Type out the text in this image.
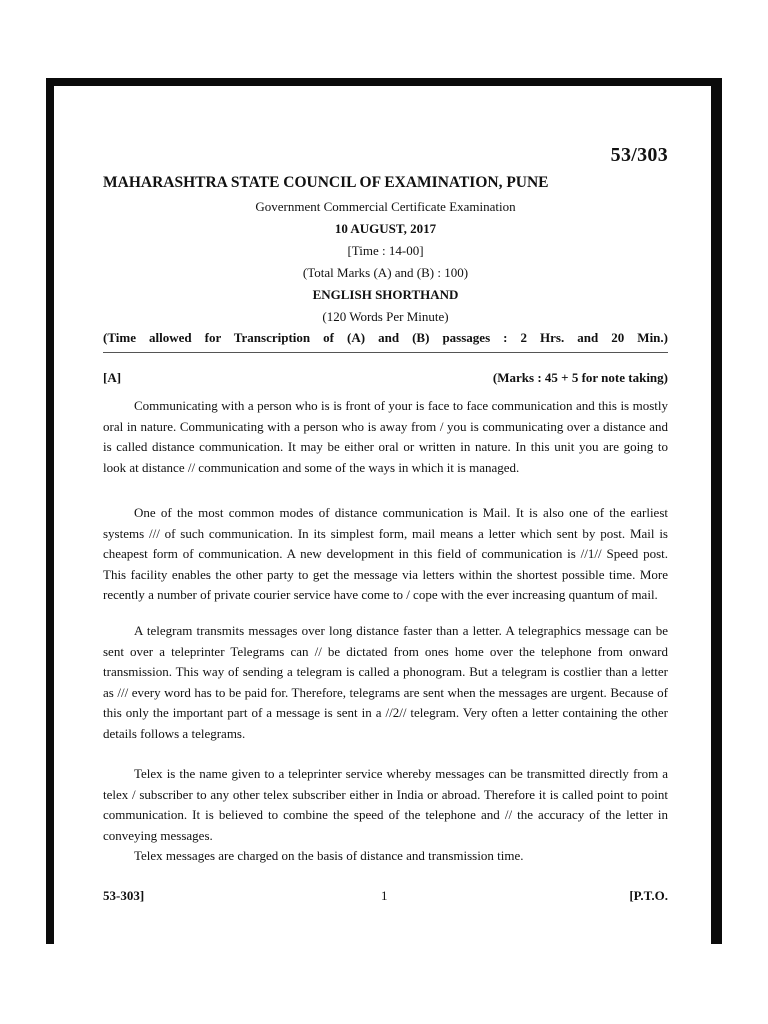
53/303
MAHARASHTRA STATE COUNCIL OF EXAMINATION, PUNE
Government Commercial Certificate Examination
10 AUGUST, 2017
[Time : 14-00]
(Total Marks (A) and (B) : 100)
ENGLISH SHORTHAND
(120 Words Per Minute)
(Time allowed for Transcription of (A) and (B) passages : 2 Hrs. and 20 Min.)
[A]	(Marks : 45 + 5 for note taking)

Communicating with a person who is is front of your is face to face communication and this is mostly oral in nature. Communicating with a person who is away from / you is communicating over a distance and is called distance communication. It may be either oral or written in nature. In this unit you are going to look at distance // communication and some of the ways in which it is managed.

One of the most common modes of distance communication is Mail. It is also one of the earliest systems /// of such communication. In its simplest form, mail means a letter which sent by post. Mail is cheapest form of communication. A new development in this field of communication is //1// Speed post. This facility enables the other party to get the message via letters within the shortest possible time. More recently a number of private courier service have come to / cope with the ever increasing quantum of mail.

A telegram transmits messages over long distance faster than a letter. A telegraphics message can be sent over a teleprinter Telegrams can // be dictated from ones home over the telephone from onward transmission. This way of sending a telegram is called a phonogram. But a telegram is costlier than a letter as /// every word has to be paid for. Therefore, telegrams are sent when the messages are urgent. Because of this only the important part of a message is sent in a //2// telegram. Very often a letter containing the other details follows a telegrams.

Telex is the name given to a teleprinter service whereby messages can be transmitted directly from a telex / subscriber to any other telex subscriber either in India or abroad. Therefore it is called point to point communication. It is believed to combine the speed of the telephone and // the accuracy of the letter in conveying messages.

Telex messages are charged on the basis of distance and transmission time.

53-303]	1	[P.T.O.
